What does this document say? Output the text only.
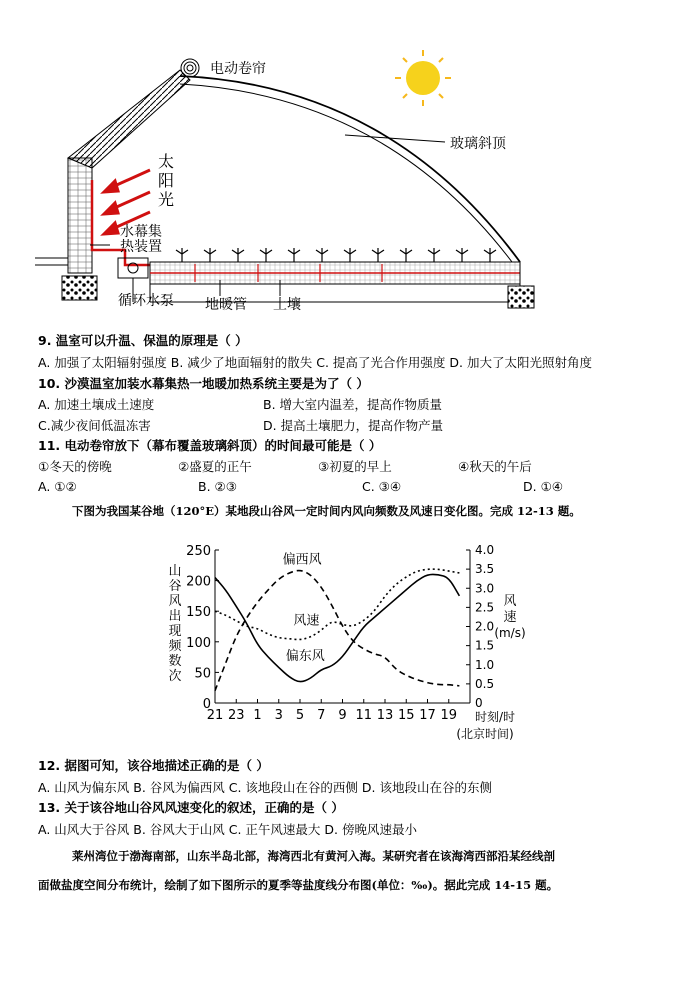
电动卷帘
玻璃斜顶
太
阳
光
水幕集
热装置
循环水泵 地暖管 土壤
9. 温室可以升温、保温的原理是（ ）
A. 加强了太阳辐射强度 B. 减少了地面辐射的散失 C. 提高了光合作用强度 D. 加大了太阳光照射角度
10. 沙漠温室加装水幕集热一地暖加热系统主要是为了（ ）
A. 加速土壤成土速度	B. 增大室内温差，提高作物质量
C.减少夜间低温冻害	D. 提高土壤肥力，提高作物产量
11. 电动卷帘放下（幕布覆盖玻璃斜顶）的时间最可能是（ ）
①冬天的傍晚	②盛夏的正午	③初夏的早上	④秋天的午后
A. ①②	B. ②③	C. ③④	D. ①④
下图为我国某谷地（120°E）某地段山谷风一定时间内风向频数及风速日变化图。完成 12-13 题。
250
200
150
100
50
0
4.0
3.5
3.0
2.5
2.0
1.5
1.0
0.5
0
21 23 1 3 5 7 9 11 13 15 17 19
山
谷
风
出
现
频
数
次
风
速
(m/s)
时刻/时
(北京时间)
偏西风
偏东风
风速
12. 据图可知，该谷地描述正确的是（ ）
A. 山风为偏东风 B. 谷风为偏西风 C. 该地段山在谷的西侧 D. 该地段山在谷的东侧
13. 关于该谷地山谷风风速变化的叙述，正确的是（ ）
A. 山风大于谷风 B. 谷风大于山风 C. 正午风速最大 D. 傍晚风速最小
莱州湾位于渤海南部，山东半岛北部，海湾西北有黄河入海。某研究者在该海湾西部沿某经线剖
面做盐度空间分布统计，绘制了如下图所示的夏季等盐度线分布图(单位：‰)。据此完成 14-15 题。
